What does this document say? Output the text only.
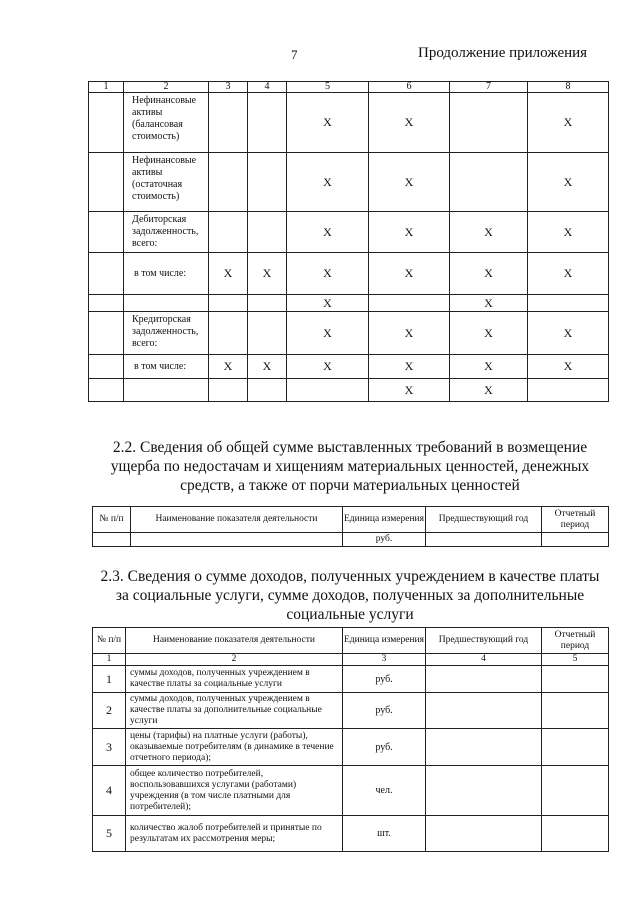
7	Продолжение приложения
1	2	3	4	5	6	7	8
	Нефинансовые активы (балансовая стоимость)			X	X		X
	Нефинансовые активы (остаточная стоимость)			X	X		X
	Дебиторская задолженность, всего:			X	X	X	X
	в том числе:	X	X	X	X	X	X
				X		X	
	Кредиторская задолженность, всего:			X	X	X	X
	в том числе:	X	X	X	X	X	X
					X	X	
2.2. Сведения об общей сумме выставленных требований в возмещение ущерба по недостачам и хищениям материальных ценностей, денежных средств, а также от порчи материальных ценностей
№ п/п	Наименование показателя деятельности	Единица измерения	Предшествующий год	Отчетный период
		руб.		
2.3. Сведения о сумме доходов, полученных учреждением в качестве платы за социальные услуги, сумме доходов, полученных за дополнительные социальные услуги
№ п/п	Наименование показателя деятельности	Единица измерения	Предшествующий год	Отчетный период
1	2	3	4	5
1	суммы доходов, полученных учреждением в качестве платы за социальные услуги	руб.		
2	суммы доходов, полученных учреждением в качестве платы за дополнительные социальные услуги	руб.		
3	цены (тарифы) на платные услуги (работы), оказываемые потребителям (в динамике в течение отчетного периода);	руб.		
4	общее количество потребителей, воспользовавшихся услугами (работами) учреждения (в том числе платными для потребителей);	чел.		
5	количество жалоб потребителей и принятые по результатам их рассмотрения меры;	шт.		
